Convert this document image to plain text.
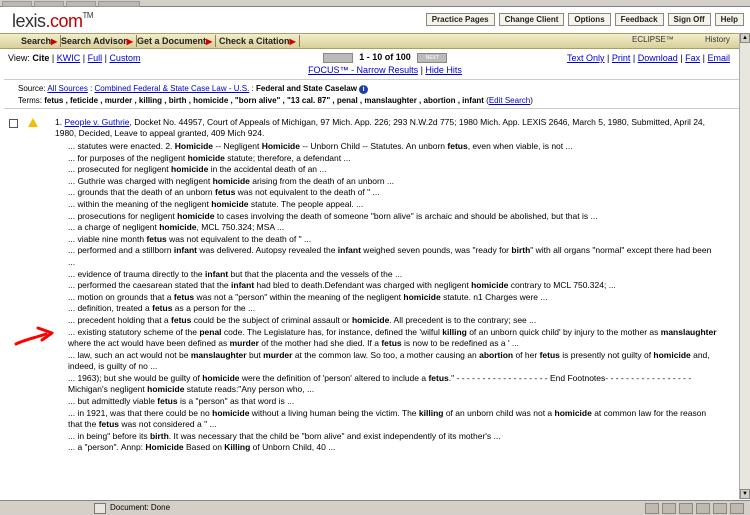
lexis.com™	Practice Pages	Change Client	Options	Feedback	Sign Off	Help
Search▶ Search Advisor▶ Get a Document▶ Check a Citation▶	ECLIPSE™	History
View: Cite | KWIC | Full | Custom	1 - 10 of 100	NEXT
FOCUS™ - Narrow Results | Hide Hits
Text Only | Print | Download | Fax | Email
Source: All Sources : Combined Federal & State Case Law - U.S. : Federal and State Caselaw i
Terms: fetus , feticide , murder , killing , birth , homicide , "born alive" , "13 cal. 87" , penal , manslaughter , abortion , infant (Edit Search)
1. People v. Guthrie, Docket No. 44957, Court of Appeals of Michigan, 97 Mich. App. 226; 293 N.W.2d 775; 1980 Mich. App. LEXIS 2646, March 5, 1980, Submitted, April 24, 1980, Decided, Leave to appeal granted, 409 Mich 924.
... statutes were enacted. 2. Homicide -- Negligent Homicide -- Unborn Child -- Statutes. An unborn fetus, even when viable, is not ...
... for purposes of the negligent homicide statute; therefore, a defendant ...
... prosecuted for negligent homicide in the accidental death of an ...
... Guthrie was charged with negligent homicide arising from the death of an unborn ...
... grounds that the death of an unborn fetus was not equivalent to the death of " ...
... within the meaning of the negligent homicide statute. The people appeal. ...
... prosecutions for negligent homicide to cases involving the death of someone "born alive" is archaic and should be abolished, but that is ...
... a charge of negligent homicide, MCL 750.324; MSA ...
... viable nine month fetus was not equivalent to the death of " ...
... performed and a stillborn infant was delivered. Autopsy revealed the infant weighed seven pounds, was "ready for birth" with all organs "normal" except there had been ...
... evidence of trauma directly to the infant but that the placenta and the vessels of the ...
... performed the caesarean stated that the infant had bled to death.Defendant was charged with negligent homicide contrary to MCL 750.324; ...
... motion on grounds that a fetus was not a "person" within the meaning of the negligent homicide statute. n1 Charges were ...
... definition, treated a fetus as a person for the ...
... precedent holding that a fetus could be the subject of criminal assault or homicide. All precedent is to the contrary; see ...
... existing statutory scheme of the penal code. The Legislature has, for instance, defined the 'wilful killing of an unborn quick child' by injury to the mother as manslaughter where the act would have been defined as murder of the mother had she died. If a fetus is now to be redefined as a ' ...
... law, such an act would not be manslaughter but murder at the common law. So too, a mother causing an abortion of her fetus is presently not guilty of homicide and, indeed, is guilty of no ...
... 1963); but she would be guilty of homicide were the definition of 'person' altered to include a fetus." - - - - - - - - - - - - - - - - - - End Footnotes- - - - - - - - - - - - - - - - - Michigan's negligent homicide statute reads:"Any person who, ...
... but admittedly viable fetus is a "person" as that word is ...
... in 1921, was that there could be no homicide without a living human being the victim. The killing of an unborn child was not a homicide at common law for the reason that the fetus was not considered a " ...
... in being" before its birth. It was necessary that the child be "born alive" and exist independently of its mother's ...
... a "person". Annp: Homicide Based on Killing of Unborn Child, 40 ...
▲
▼
Document: Done
